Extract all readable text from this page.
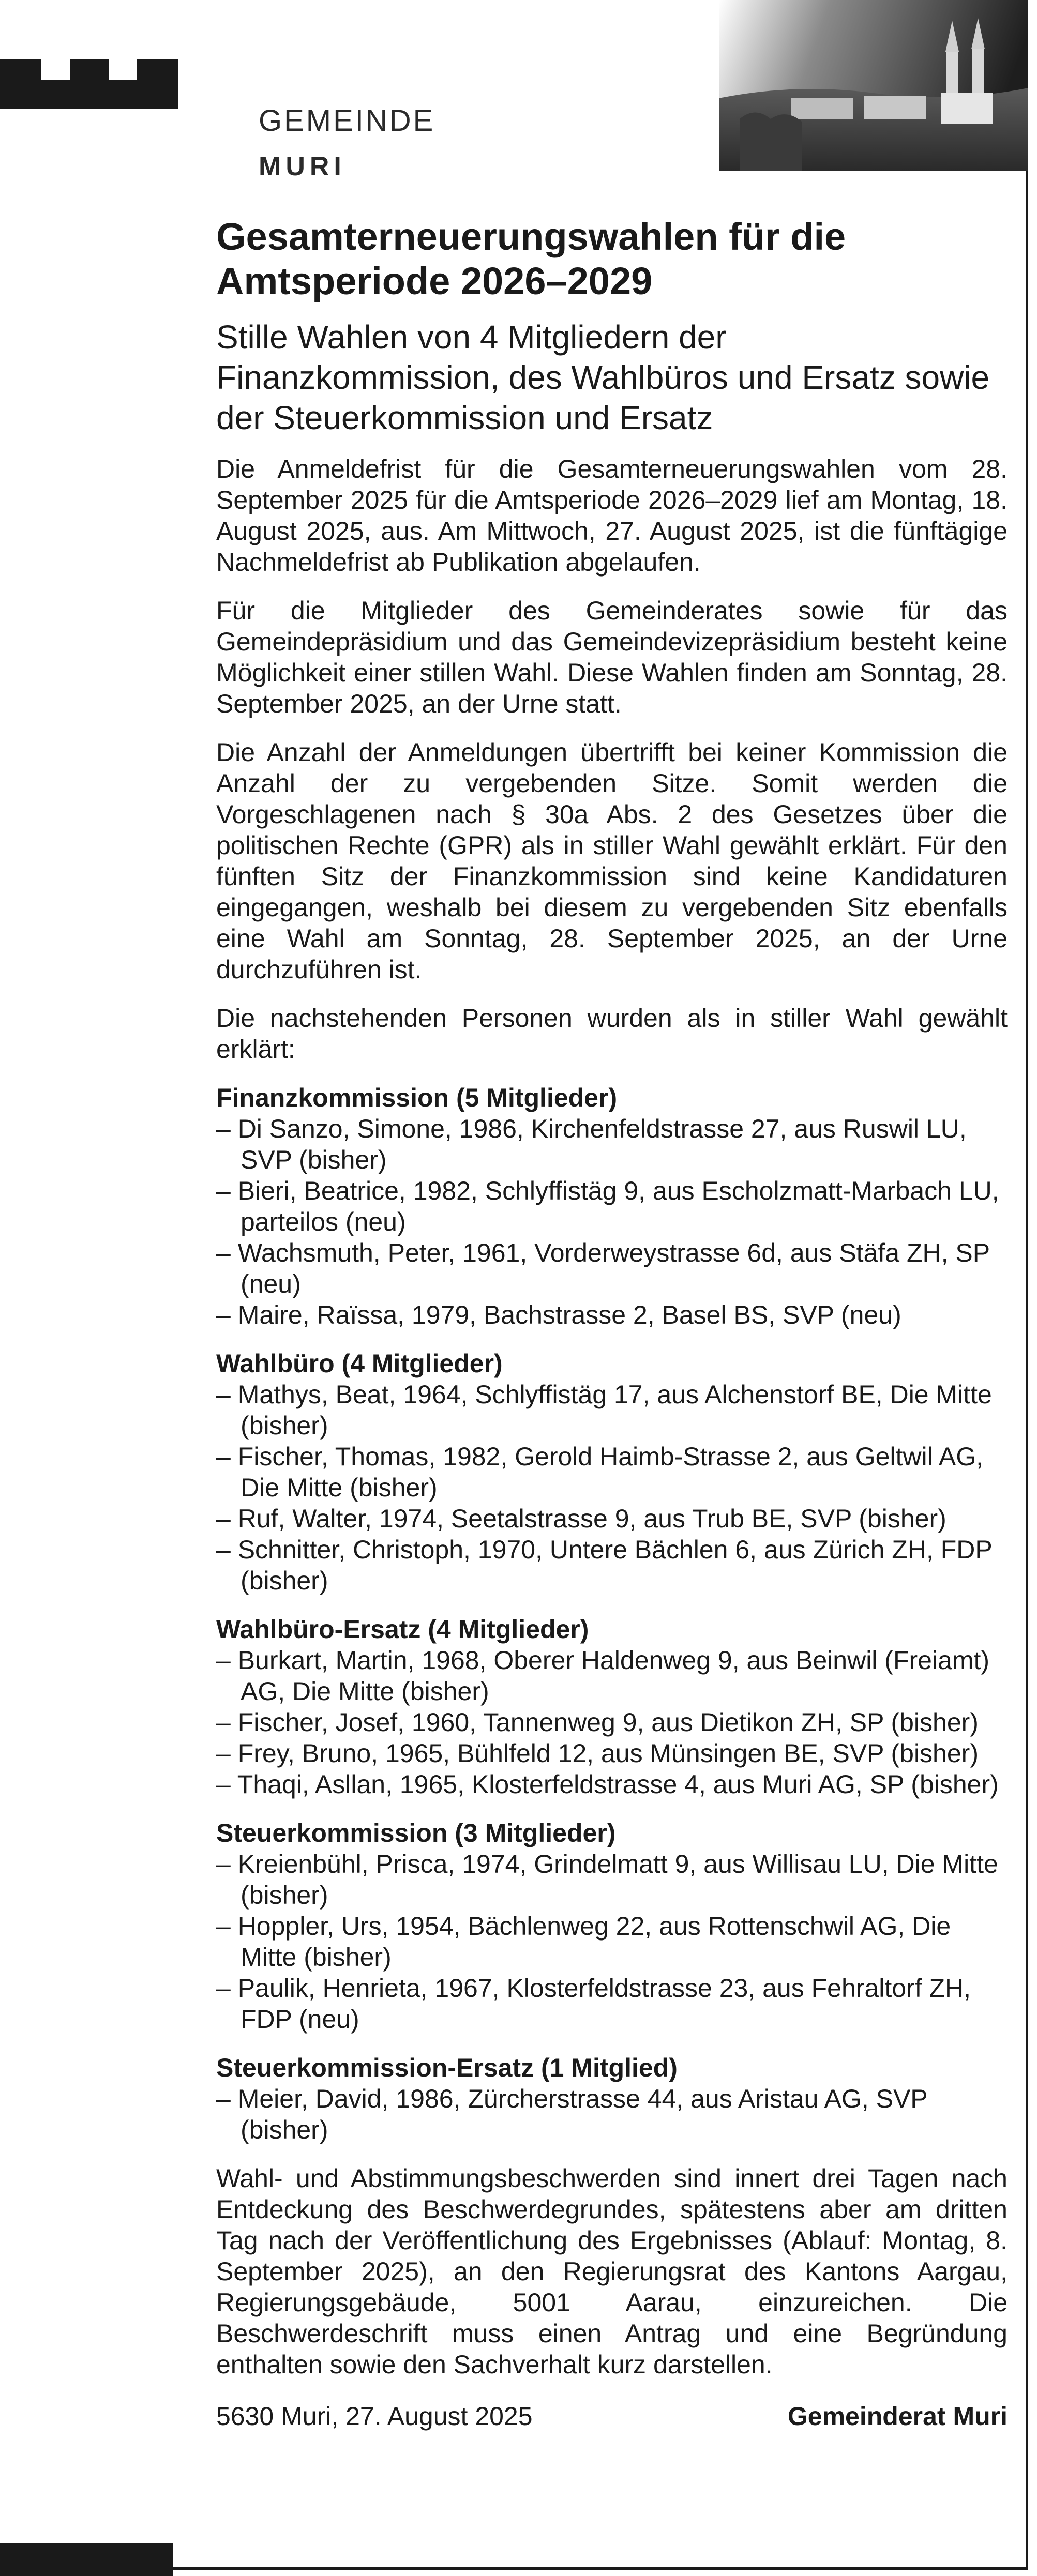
GEMEINDE
MURI
Gesamterneuerungswahlen für die Amtsperiode 2026–2029
Stille Wahlen von 4 Mitgliedern der Finanzkommission, des Wahlbüros und Ersatz sowie der Steuerkommission und Ersatz

Die Anmeldefrist für die Gesamterneuerungswahlen vom 28. September 2025 für die Amtsperiode 2026–2029 lief am Montag, 18. August 2025, aus. Am Mittwoch, 27. August 2025, ist die fünftägige Nachmeldefrist ab Publikation abgelaufen.

Für die Mitglieder des Gemeinderates sowie für das Gemeindepräsidium und das Gemeindevizepräsidium besteht keine Möglichkeit einer stillen Wahl. Diese Wahlen finden am Sonntag, 28. September 2025, an der Urne statt.

Die Anzahl der Anmeldungen übertrifft bei keiner Kommission die Anzahl der zu vergebenden Sitze. Somit werden die Vorgeschlagenen nach § 30a Abs. 2 des Gesetzes über die politischen Rechte (GPR) als in stiller Wahl gewählt erklärt. Für den fünften Sitz der Finanzkommission sind keine Kandidaturen eingegangen, weshalb bei diesem zu vergebenden Sitz ebenfalls eine Wahl am Sonntag, 28. September 2025, an der Urne durchzuführen ist.

Die nachstehenden Personen wurden als in stiller Wahl gewählt erklärt:

Finanzkommission (5 Mitglieder)
– Di Sanzo, Simone, 1986, Kirchenfeldstrasse 27, aus Ruswil LU, SVP (bisher)
– Bieri, Beatrice, 1982, Schlyffistäg 9, aus Escholzmatt-Marbach LU, parteilos (neu)
– Wachsmuth, Peter, 1961, Vorderweystrasse 6d, aus Stäfa ZH, SP (neu)
– Maire, Raïssa, 1979, Bachstrasse 2, Basel BS, SVP (neu)
Wahlbüro (4 Mitglieder)
– Mathys, Beat, 1964, Schlyffistäg 17, aus Alchenstorf BE, Die Mitte (bisher)
– Fischer, Thomas, 1982, Gerold Haimb-Strasse 2, aus Geltwil AG, Die Mitte (bisher)
– Ruf, Walter, 1974, Seetalstrasse 9, aus Trub BE, SVP (bisher)
– Schnitter, Christoph, 1970, Untere Bächlen 6, aus Zürich ZH, FDP (bisher)
Wahlbüro-Ersatz (4 Mitglieder)
– Burkart, Martin, 1968, Oberer Haldenweg 9, aus Beinwil (Freiamt) AG, Die Mitte (bisher)
– Fischer, Josef, 1960, Tannenweg 9, aus Dietikon ZH, SP (bisher)
– Frey, Bruno, 1965, Bühlfeld 12, aus Münsingen BE, SVP (bisher)
– Thaqi, Asllan, 1965, Klosterfeldstrasse 4, aus Muri AG, SP (bisher)
Steuerkommission (3 Mitglieder)
– Kreienbühl, Prisca, 1974, Grindelmatt 9, aus Willisau LU, Die Mitte (bisher)
– Hoppler, Urs, 1954, Bächlenweg 22, aus Rottenschwil AG, Die Mitte (bisher)
– Paulik, Henrieta, 1967, Klosterfeldstrasse 23, aus Fehraltorf ZH, FDP (neu)
Steuerkommission-Ersatz (1 Mitglied)
– Meier, David, 1986, Zürcherstrasse 44, aus Aristau AG, SVP (bisher)

Wahl- und Abstimmungsbeschwerden sind innert drei Tagen nach Entdeckung des Beschwerdegrundes, spätestens aber am dritten Tag nach der Veröffentlichung des Ergebnisses (Ablauf: Montag, 8. September 2025), an den Regierungsrat des Kantons Aargau, Regierungsgebäude, 5001 Aarau, einzureichen. Die Beschwerdeschrift muss einen Antrag und eine Begründung enthalten sowie den Sachverhalt kurz darstellen.

5630 Muri, 27. August 2025	Gemeinderat Muri
